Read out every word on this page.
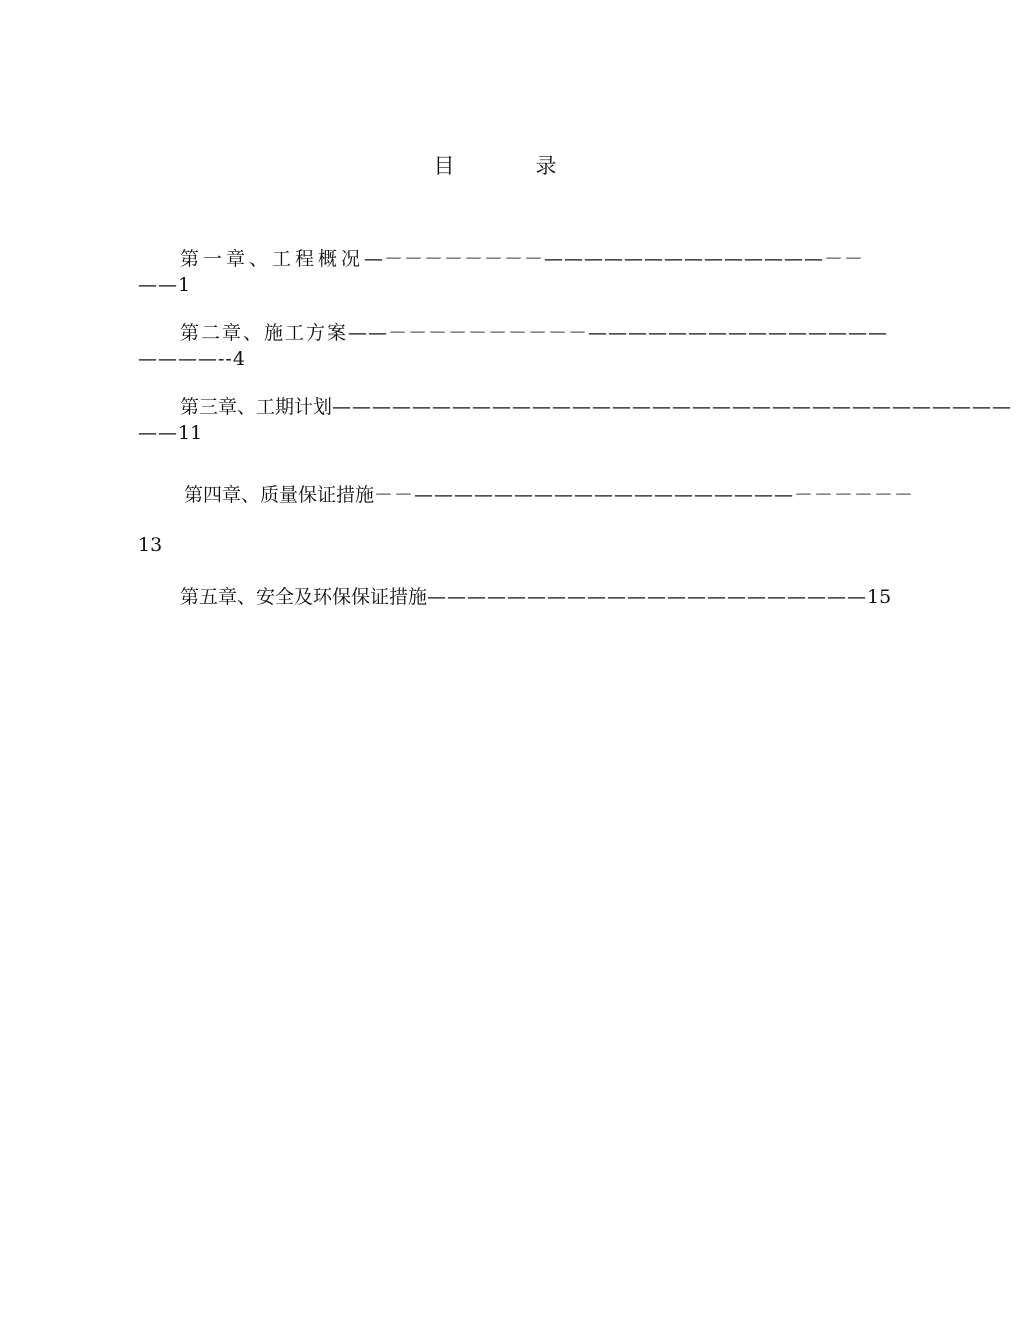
目　录
第一章、工程概况—－－－－－－－－——————————————－－
——1
第二章、施工方案——－－－－－－－－－－———————————————
————--4
第三章、工期计划——————————————————————————————————
——11
第四章、质量保证措施－－———————————————————－－－－－－
13
第五章、安全及环保保证措施——————————————————————15
